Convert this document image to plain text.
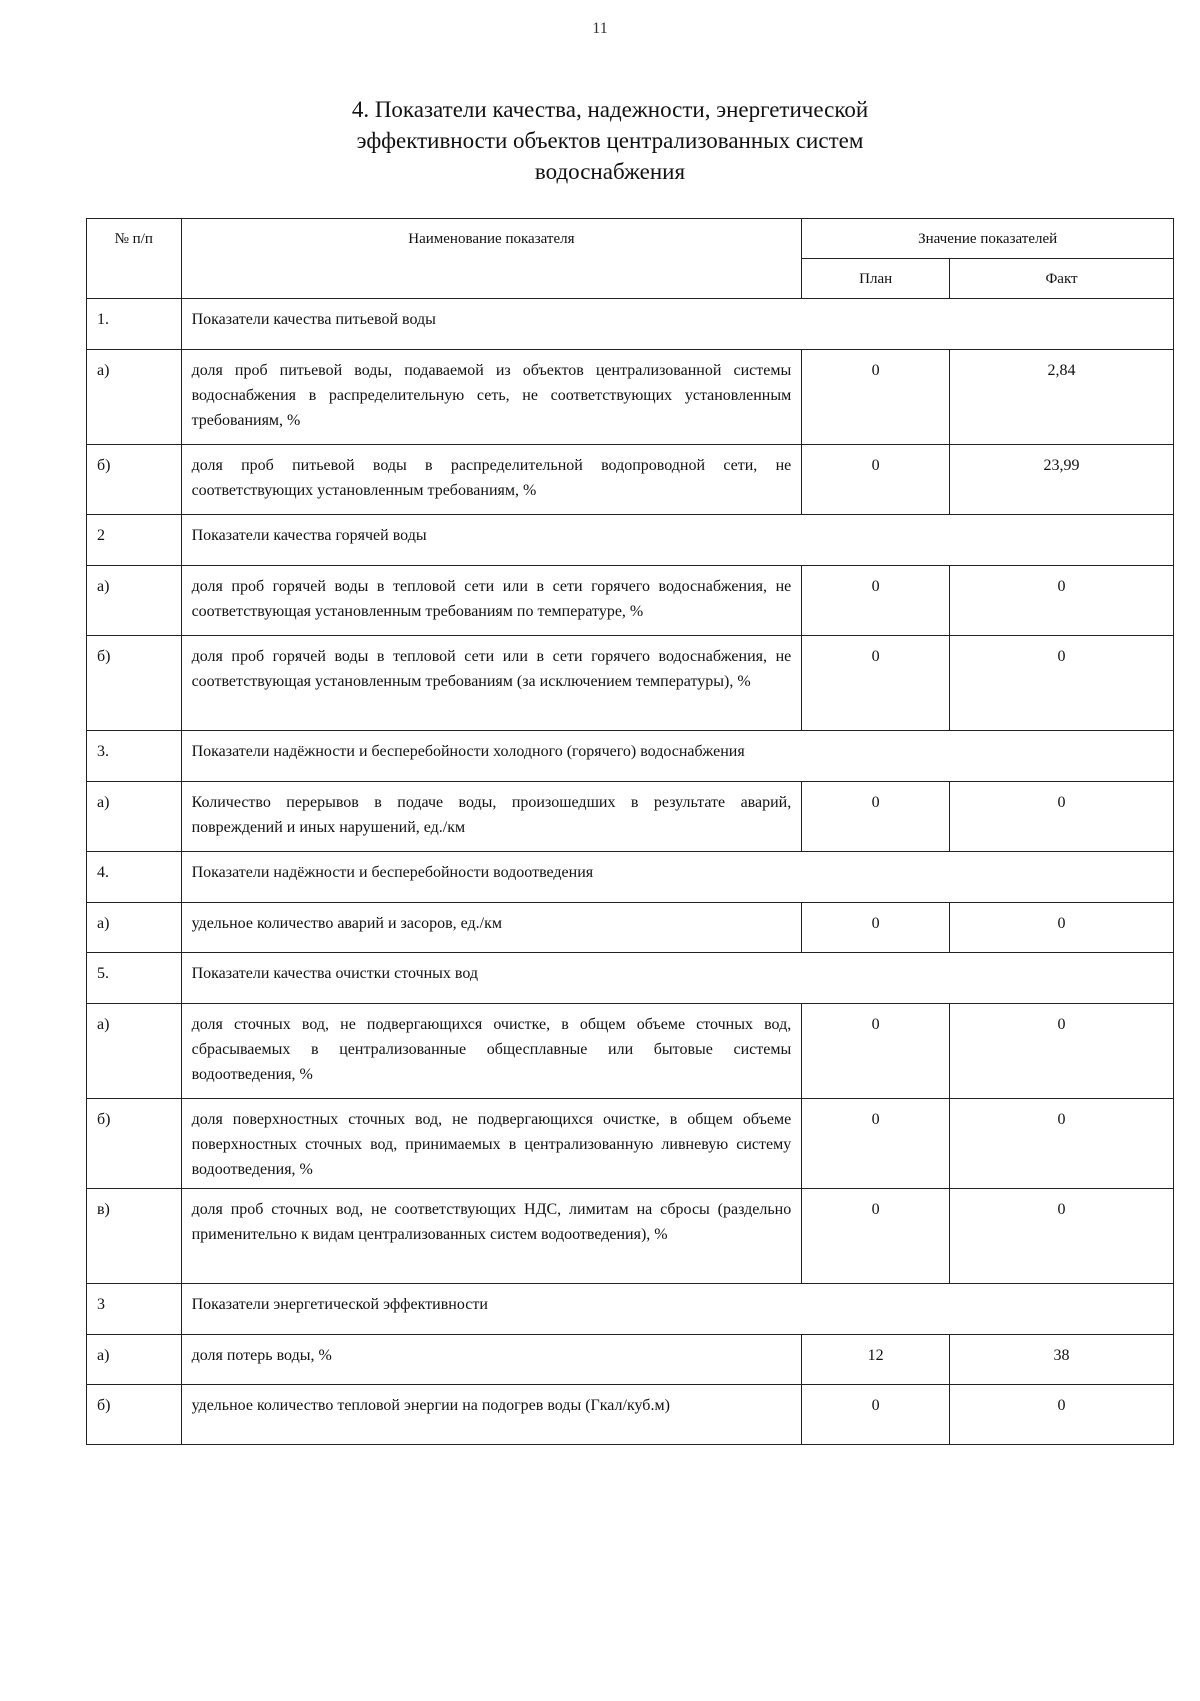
11
4. Показатели качества, надежности, энергетической
эффективности объектов централизованных систем
водоснабжения
№ п/п	Наименование показателя	Значение показателей	
		План	Факт
1.	Показатели качества питьевой воды		
а)	доля проб питьевой воды, подаваемой из объектов централизованной системы водоснабжения в распределительную сеть, не соответствующих установленным требованиям, %	0	2,84
б)	доля проб питьевой воды в распределительной водопроводной сети, не соответствующих установленным требованиям, %	0	23,99
2	Показатели качества горячей воды		
а)	доля проб горячей воды в тепловой сети или в сети горячего водоснабжения, не соответствующая установленным требованиям по температуре, %	0	0
б)	доля проб горячей воды в тепловой сети или в сети горячего водоснабжения, не соответствующая установленным требованиям (за исключением температуры), %	0	0
3.	Показатели надёжности и бесперебойности холодного (горячего) водоснабжения		
а)	Количество перерывов в подаче воды, произошедших в результате аварий, повреждений и иных нарушений, ед./км	0	0
4.	Показатели надёжности и бесперебойности водоотведения		
а)	удельное количество аварий и засоров, ед./км	0	0
5.	Показатели качества очистки сточных вод		
а)	доля сточных вод, не подвергающихся очистке, в общем объеме сточных вод, сбрасываемых в централизованные общесплавные или бытовые системы водоотведения, %	0	0
б)	доля поверхностных сточных вод, не подвергающихся очистке, в общем объеме поверхностных сточных вод, принимаемых в централизованную ливневую систему водоотведения, %	0	0
в)	доля проб сточных вод, не соответствующих НДС, лимитам на сбросы (раздельно применительно к видам централизованных систем водоотведения), %	0	0
3	Показатели энергетической эффективности		
а)	доля потерь воды, %	12	38
б)	удельное количество тепловой энергии на подогрев воды (Гкал/куб.м)	0	0
